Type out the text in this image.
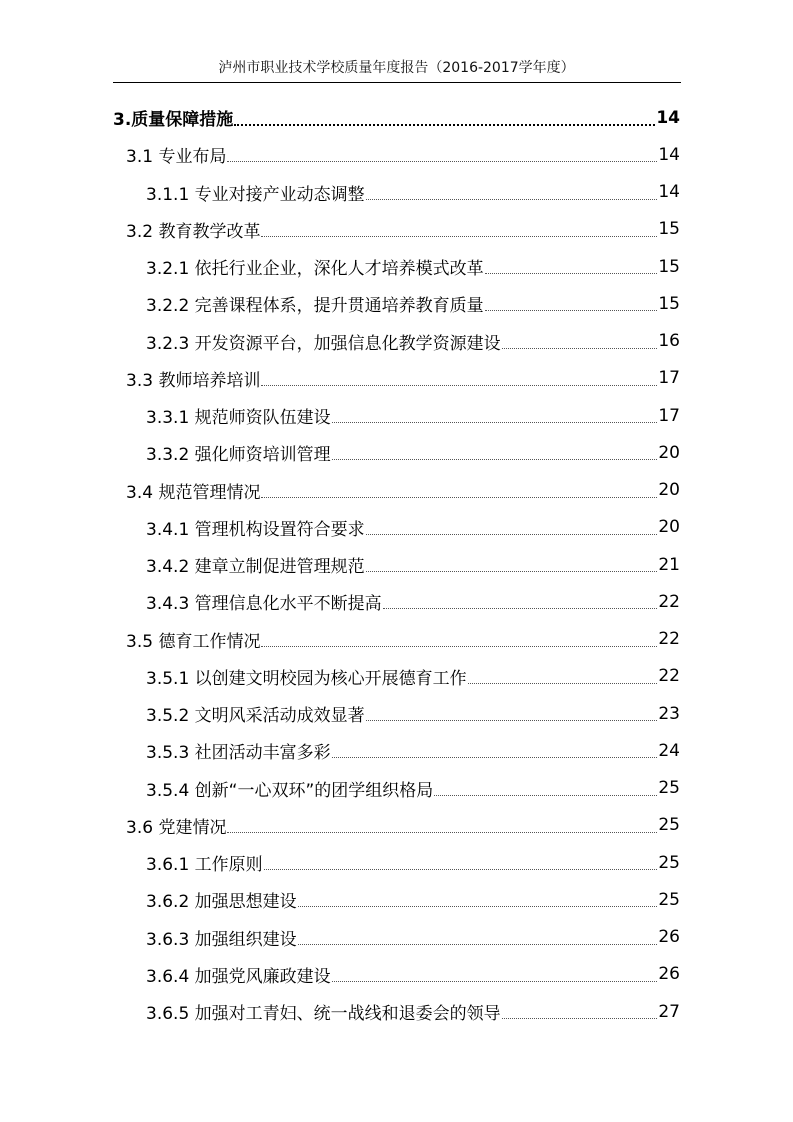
泸州市职业技术学校质量年度报告（2016-2017学年度）
3.质量保障措施	14
3.1 专业布局	14
3.1.1 专业对接产业动态调整	14
3.2 教育教学改革	15
3.2.1 依托行业企业，深化人才培养模式改革	15
3.2.2 完善课程体系，提升贯通培养教育质量	15
3.2.3 开发资源平台，加强信息化教学资源建设	16
3.3 教师培养培训	17
3.3.1 规范师资队伍建设	17
3.3.2 强化师资培训管理	20
3.4 规范管理情况	20
3.4.1 管理机构设置符合要求	20
3.4.2 建章立制促进管理规范	21
3.4.3 管理信息化水平不断提高	22
3.5 德育工作情况	22
3.5.1 以创建文明校园为核心开展德育工作	22
3.5.2 文明风采活动成效显著	23
3.5.3 社团活动丰富多彩	24
3.5.4 创新“一心双环”的团学组织格局	25
3.6 党建情况	25
3.6.1 工作原则	25
3.6.2 加强思想建设	25
3.6.3 加强组织建设	26
3.6.4 加强党风廉政建设	26
3.6.5 加强对工青妇、统一战线和退委会的领导	27
